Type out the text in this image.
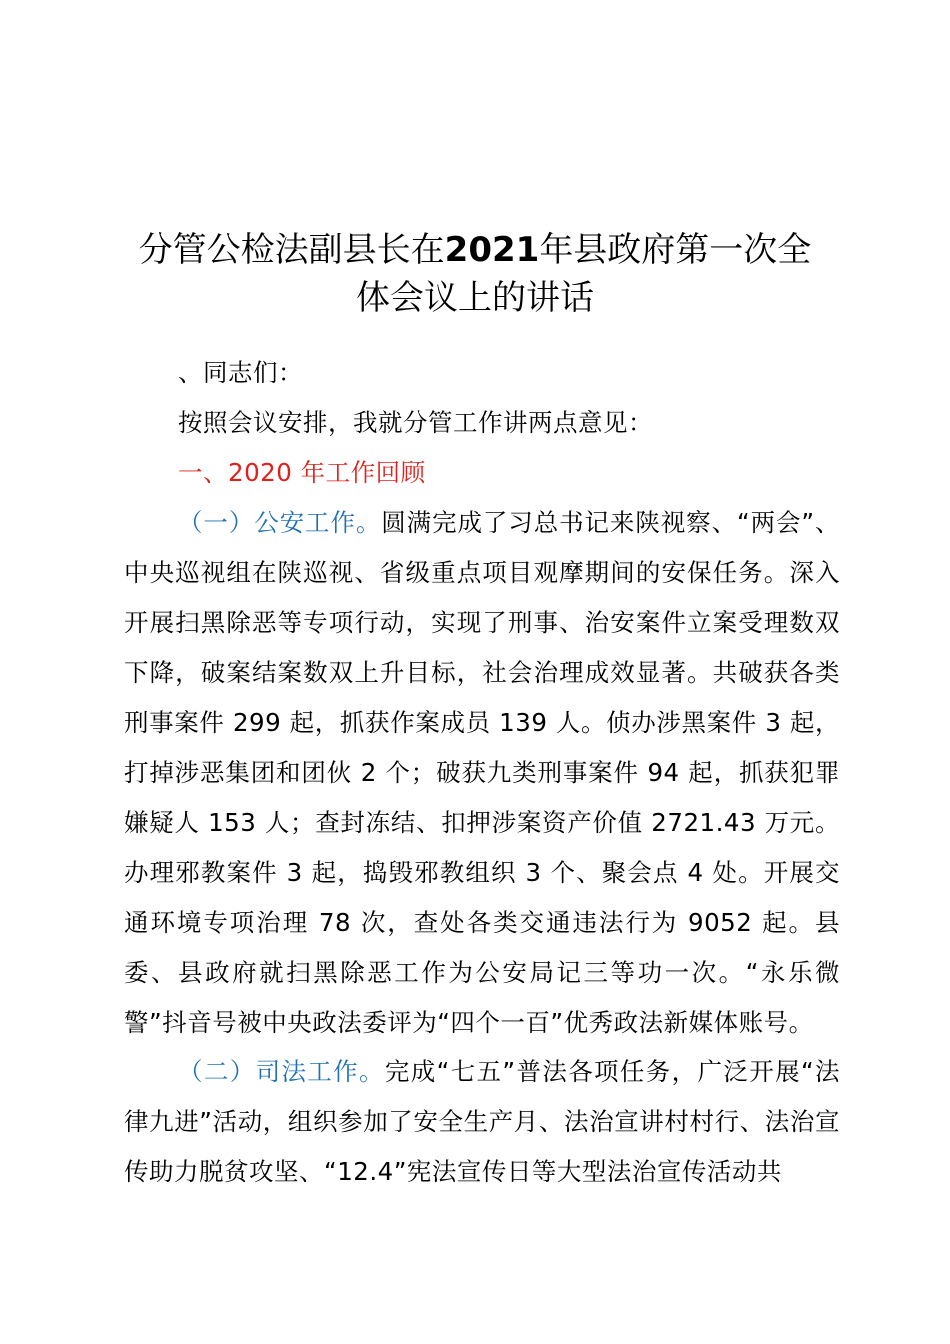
分管公检法副县长在2021年县政府第一次全
体会议上的讲话
、同志们：
按照会议安排，我就分管工作讲两点意见：
一、2020 年工作回顾
（一）公安工作。圆满完成了习总书记来陕视察、“两会”、中央巡视组在陕巡视、省级重点项目观摩期间的安保任务。深入开展扫黑除恶等专项行动，实现了刑事、治安案件立案受理数双下降，破案结案数双上升目标，社会治理成效显著。共破获各类刑事案件 299 起，抓获作案成员 139 人。侦办涉黑案件 3 起，打掉涉恶集团和团伙 2 个；破获九类刑事案件 94 起，抓获犯罪嫌疑人 153 人；查封冻结、扣押涉案资产价值 2721.43 万元。办理邪教案件 3 起，捣毁邪教组织 3 个、聚会点 4 处。开展交通环境专项治理 78 次，查处各类交通违法行为 9052 起。县委、县政府就扫黑除恶工作为公安局记三等功一次。“永乐微警”抖音号被中央政法委评为“四个一百”优秀政法新媒体账号。
（二）司法工作。完成“七五”普法各项任务，广泛开展“法律九进”活动，组织参加了安全生产月、法治宣讲村村行、法治宣传助力脱贫攻坚、“12.4”宪法宣传日等大型法治宣传活动共
